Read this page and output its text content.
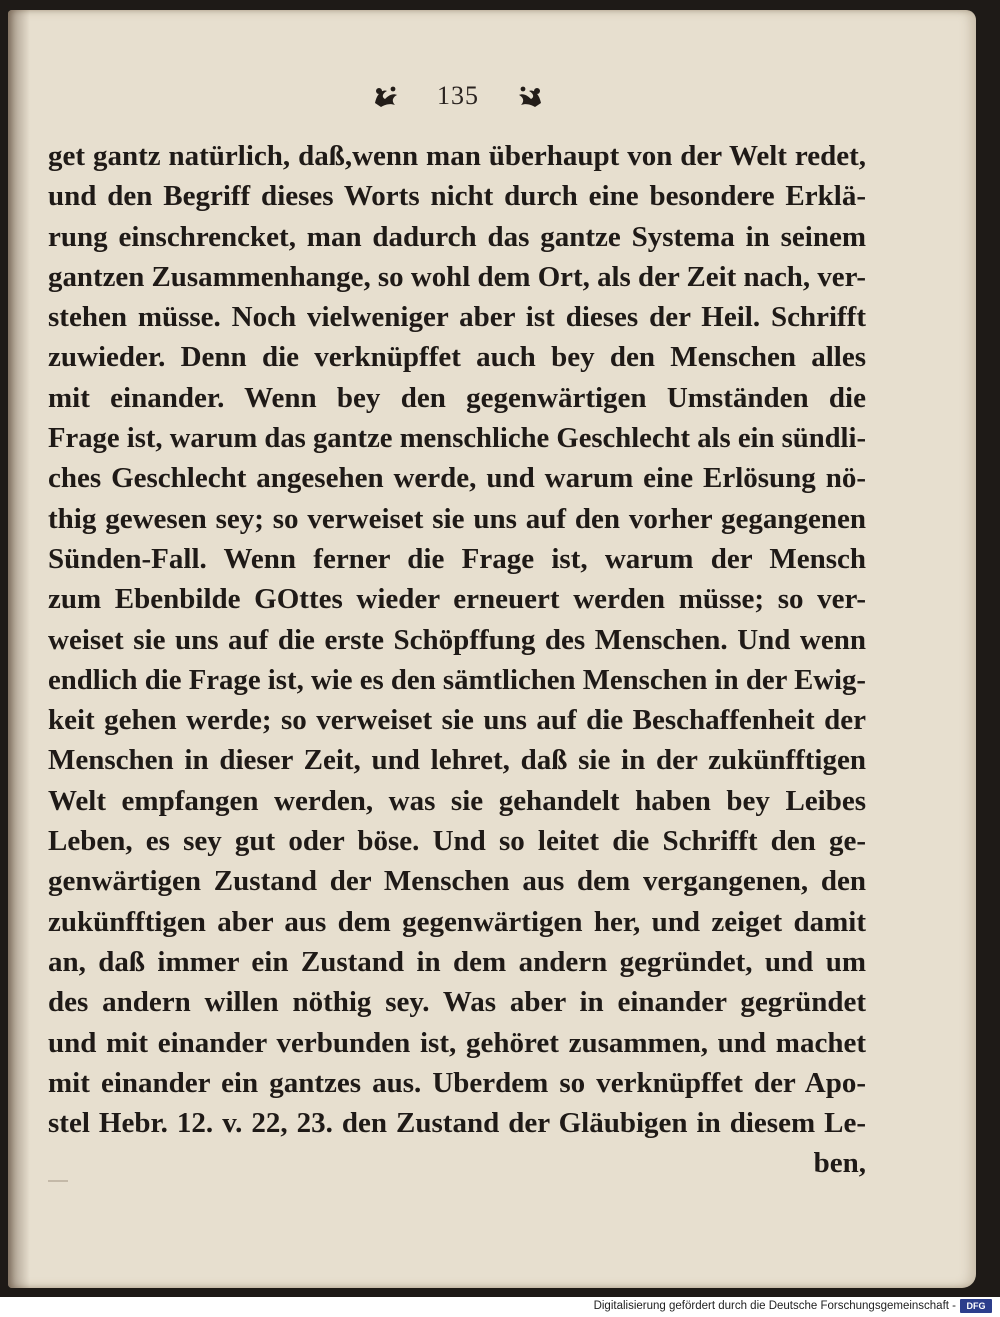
135
get gantz natürlich, daß,wenn man überhaupt von der Welt redet,
und den Begriff dieses Worts nicht durch eine besondere Erklä-
rung einschrencket, man dadurch das gantze Systema in seinem
gantzen Zusammenhange, so wohl dem Ort, als der Zeit nach, ver-
stehen müsse. Noch vielweniger aber ist dieses der Heil. Schrifft
zuwieder. Denn die verknüpffet auch bey den Menschen alles
mit einander. Wenn bey den gegenwärtigen Umständen die
Frage ist, warum das gantze menschliche Geschlecht als ein sündli-
ches Geschlecht angesehen werde, und warum eine Erlösung nö-
thig gewesen sey; so verweiset sie uns auf den vorher gegangenen
Sünden-Fall. Wenn ferner die Frage ist, warum der Mensch
zum Ebenbilde GOttes wieder erneuert werden müsse; so ver-
weiset sie uns auf die erste Schöpffung des Menschen. Und wenn
endlich die Frage ist, wie es den sämtlichen Menschen in der Ewig-
keit gehen werde; so verweiset sie uns auf die Beschaffenheit der
Menschen in dieser Zeit, und lehret, daß sie in der zukünfftigen
Welt empfangen werden, was sie gehandelt haben bey Leibes
Leben, es sey gut oder böse. Und so leitet die Schrifft den ge-
genwärtigen Zustand der Menschen aus dem vergangenen, den
zukünfftigen aber aus dem gegenwärtigen her, und zeiget damit
an, daß immer ein Zustand in dem andern gegründet, und um
des andern willen nöthig sey. Was aber in einander gegründet
und mit einander verbunden ist, gehöret zusammen, und machet
mit einander ein gantzes aus. Uberdem so verknüpffet der Apo-
stel Hebr. 12. v. 22, 23. den Zustand der Gläubigen in diesem Le-
ben,
Digitalisierung gefördert durch die Deutsche Forschungsgemeinschaft -	DFG
